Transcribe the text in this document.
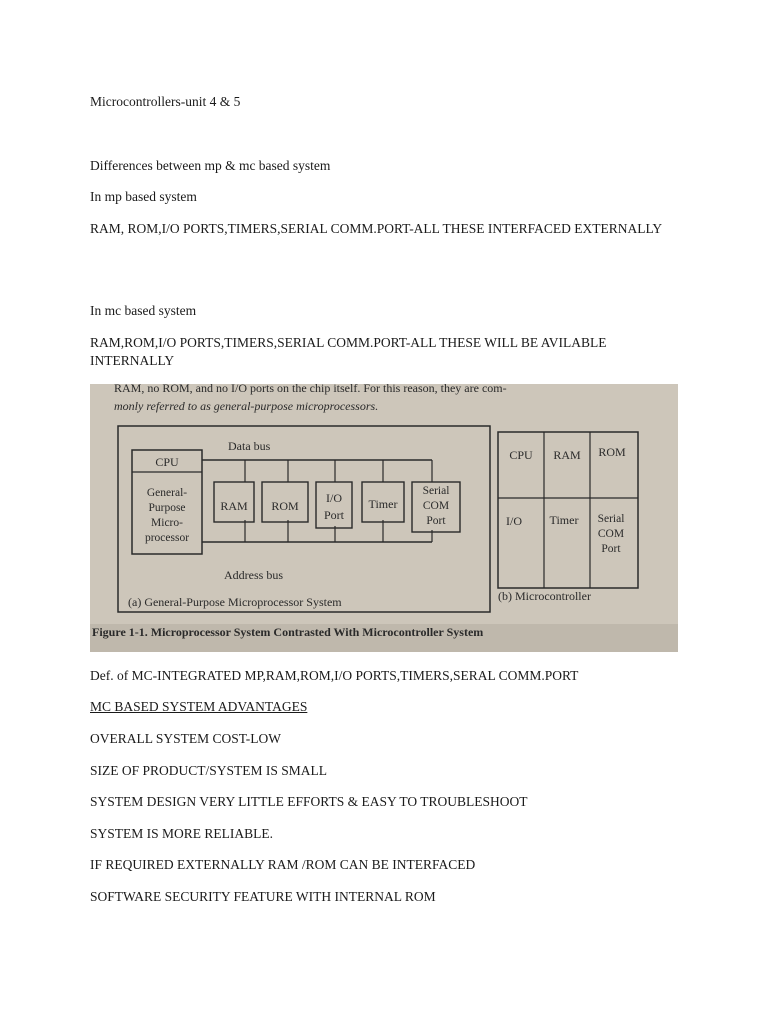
Microcontrollers-unit 4 & 5
Differences between mp & mc based system
In mp based system
RAM, ROM,I/O PORTS,TIMERS,SERIAL COMM.PORT-ALL THESE INTERFACED EXTERNALLY
In mc based system
RAM,ROM,I/O PORTS,TIMERS,SERIAL COMM.PORT-ALL THESE WILL BE AVILABLE INTERNALLY
RAM, no ROM, and no I/O ports on the chip itself. For this reason, they are com-
monly referred to as general-purpose microprocessors.
CPU
General-
Purpose
Micro-
processor
Data bus
Address bus
RAM ROM
I/O
Port
Timer
Serial
COM
Port
(a) General-Purpose Microprocessor System
CPU RAM ROM
I/O Timer Serial
COM
Port
(b) Microcontroller
Figure 1-1. Microprocessor System Contrasted With Microcontroller System
Def. of MC-INTEGRATED MP,RAM,ROM,I/O PORTS,TIMERS,SERAL COMM.PORT
MC BASED SYSTEM ADVANTAGES
OVERALL SYSTEM COST-LOW
SIZE OF PRODUCT/SYSTEM IS SMALL
SYSTEM DESIGN VERY LITTLE EFFORTS & EASY TO TROUBLESHOOT
SYSTEM IS MORE RELIABLE.
IF REQUIRED EXTERNALLY RAM /ROM CAN BE INTERFACED
SOFTWARE SECURITY FEATURE WITH INTERNAL ROM
